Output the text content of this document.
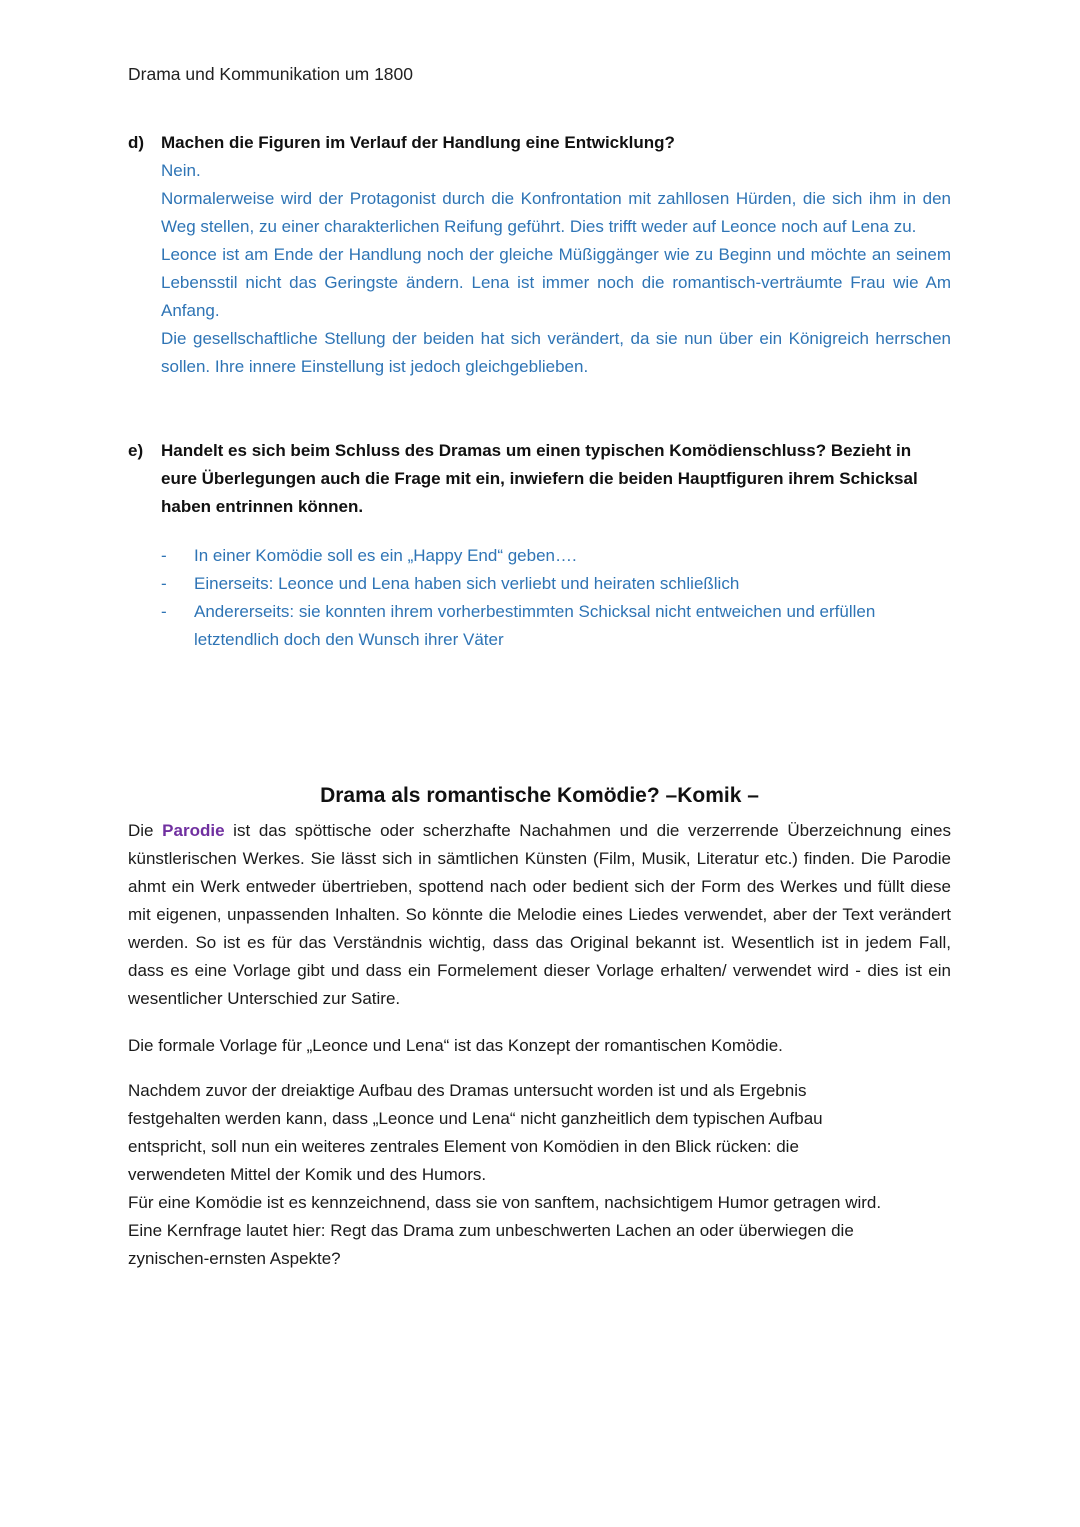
Drama und Kommunikation um 1800
d) Machen die Figuren im Verlauf der Handlung eine Entwicklung?

Nein.

Normalerweise wird der Protagonist durch die Konfrontation mit zahllosen Hürden, die sich ihm in den Weg stellen, zu einer charakterlichen Reifung geführt. Dies trifft weder auf Leonce noch auf Lena zu.

Leonce ist am Ende der Handlung noch der gleiche Müßiggänger wie zu Beginn und möchte an seinem Lebensstil nicht das Geringste ändern. Lena ist immer noch die romantisch-verträumte Frau wie Am Anfang.

Die gesellschaftliche Stellung der beiden hat sich verändert, da sie nun über ein Königreich herrschen sollen. Ihre innere Einstellung ist jedoch gleichgeblieben.

e)	Handelt es sich beim Schluss des Dramas um einen typischen Komödienschluss? Bezieht in eure Überlegungen auch die Frage mit ein, inwiefern die beiden Hauptfiguren ihrem Schicksal haben entrinnen können.
-	In einer Komödie soll es ein „Happy End“ geben….
-	Einerseits: Leonce und Lena haben sich verliebt und heiraten schließlich
-	Andererseits: sie konnten ihrem vorherbestimmten Schicksal nicht entweichen und erfüllen letztendlich doch den Wunsch ihrer Väter
Drama als romantische Komödie? –Komik –

Die Parodie ist das spöttische oder scherzhafte Nachahmen und die verzerrende Überzeichnung eines künstlerischen Werkes. Sie lässt sich in sämtlichen Künsten (Film, Musik, Literatur etc.) finden. Die Parodie ahmt ein Werk entweder übertrieben, spottend nach oder bedient sich der Form des Werkes und füllt diese mit eigenen, unpassenden Inhalten. So könnte die Melodie eines Liedes verwendet, aber der Text verändert werden. So ist es für das Verständnis wichtig, dass das Original bekannt ist. Wesentlich ist in jedem Fall, dass es eine Vorlage gibt und dass ein Formelement dieser Vorlage erhalten/ verwendet wird - dies ist ein wesentlicher Unterschied zur Satire.

Die formale Vorlage für „Leonce und Lena“ ist das Konzept der romantischen Komödie.

Nachdem zuvor der dreiaktige Aufbau des Dramas untersucht worden ist und als Ergebnis

festgehalten werden kann, dass „Leonce und Lena“ nicht ganzheitlich dem typischen Aufbau

entspricht, soll nun ein weiteres zentrales Element von Komödien in den Blick rücken: die

verwendeten Mittel der Komik und des Humors.

Für eine Komödie ist es kennzeichnend, dass sie von sanftem, nachsichtigem Humor getragen wird.

Eine Kernfrage lautet hier: Regt das Drama zum unbeschwerten Lachen an oder überwiegen die

zynischen-ernsten Aspekte?
